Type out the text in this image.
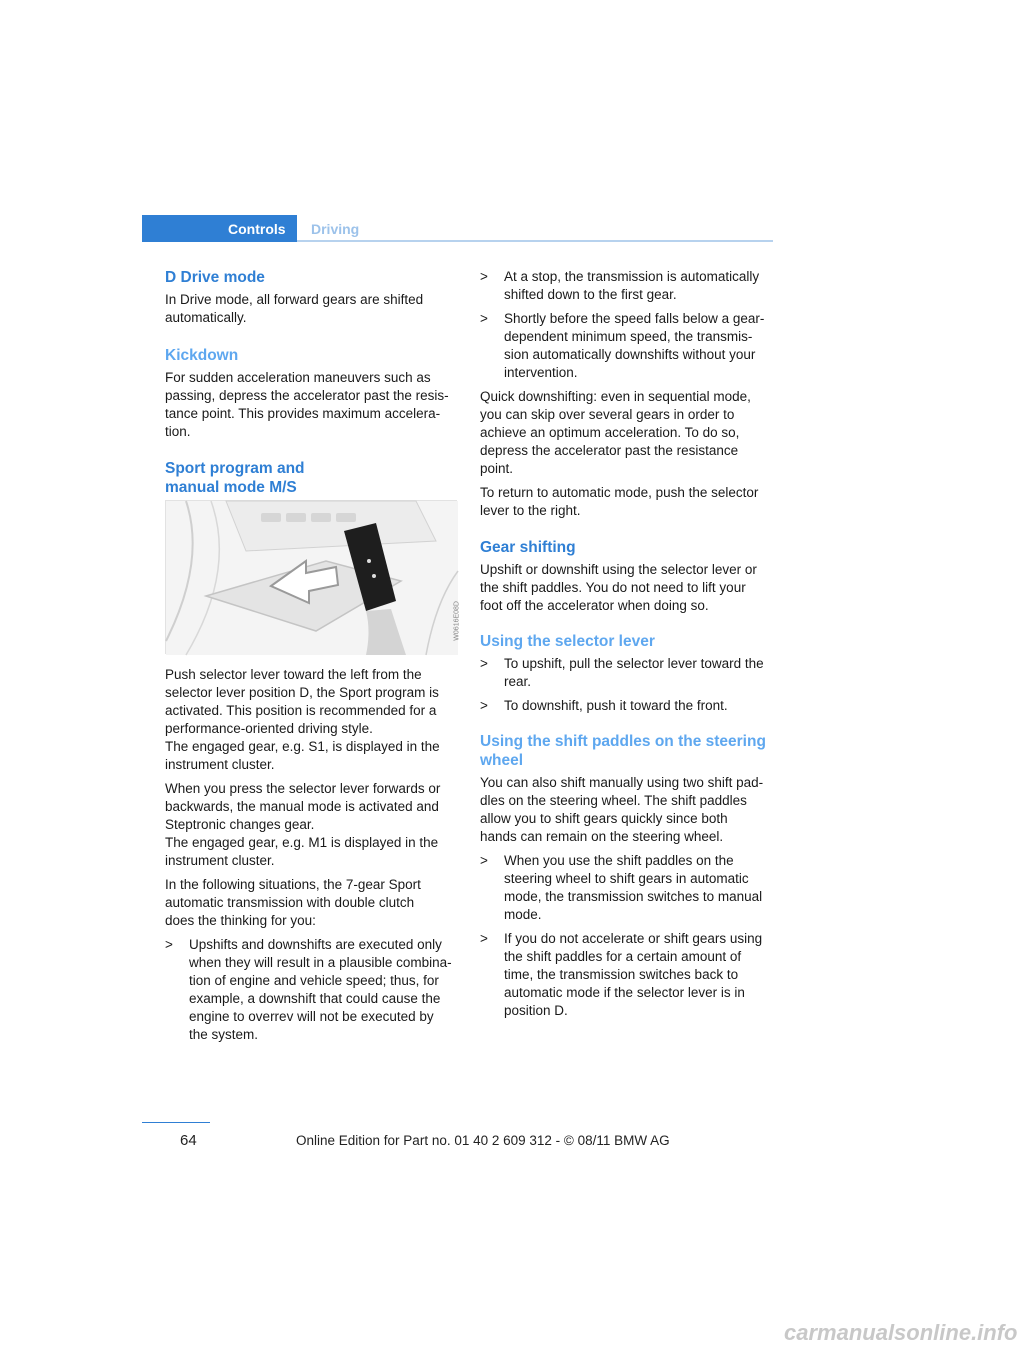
Controls Driving

D Drive mode

In Drive mode, all forward gears are shifted
automatically.

Kickdown

For sudden acceleration maneuvers such as
passing, depress the accelerator past the resis-
tance point. This provides maximum accelera-
tion.

Sport program and
manual mode M/S

W0616E08D

Push selector lever toward the left from the
selector lever position D, the Sport program is
activated. This position is recommended for a
performance-oriented driving style.
The engaged gear, e.g. S1, is displayed in the
instrument cluster.

When you press the selector lever forwards or
backwards, the manual mode is activated and
Steptronic changes gear.
The engaged gear, e.g. M1 is displayed in the
instrument cluster.

In the following situations, the 7-gear Sport
automatic transmission with double clutch
does the thinking for you:

> Upshifts and downshifts are executed only
when they will result in a plausible combina-
tion of engine and vehicle speed; thus, for
example, a downshift that could cause the
engine to overrev will not be executed by
the system.

> At a stop, the transmission is automatically
shifted down to the first gear.

> Shortly before the speed falls below a gear-
dependent minimum speed, the transmis-
sion automatically downshifts without your
intervention.

Quick downshifting: even in sequential mode,
you can skip over several gears in order to
achieve an optimum acceleration. To do so,
depress the accelerator past the resistance
point.

To return to automatic mode, push the selector
lever to the right.

Gear shifting

Upshift or downshift using the selector lever or
the shift paddles. You do not need to lift your
foot off the accelerator when doing so.

Using the selector lever

> To upshift, pull the selector lever toward the
rear.

> To downshift, push it toward the front.

Using the shift paddles on the steering
wheel

You can also shift manually using two shift pad-
dles on the steering wheel. The shift paddles
allow you to shift gears quickly since both
hands can remain on the steering wheel.

> When you use the shift paddles on the
steering wheel to shift gears in automatic
mode, the transmission switches to manual
mode.

> If you do not accelerate or shift gears using
the shift paddles for a certain amount of
time, the transmission switches back to
automatic mode if the selector lever is in
position D.

64	Online Edition for Part no. 01 40 2 609 312 - © 08/11 BMW AG
carmanualsonline.info
